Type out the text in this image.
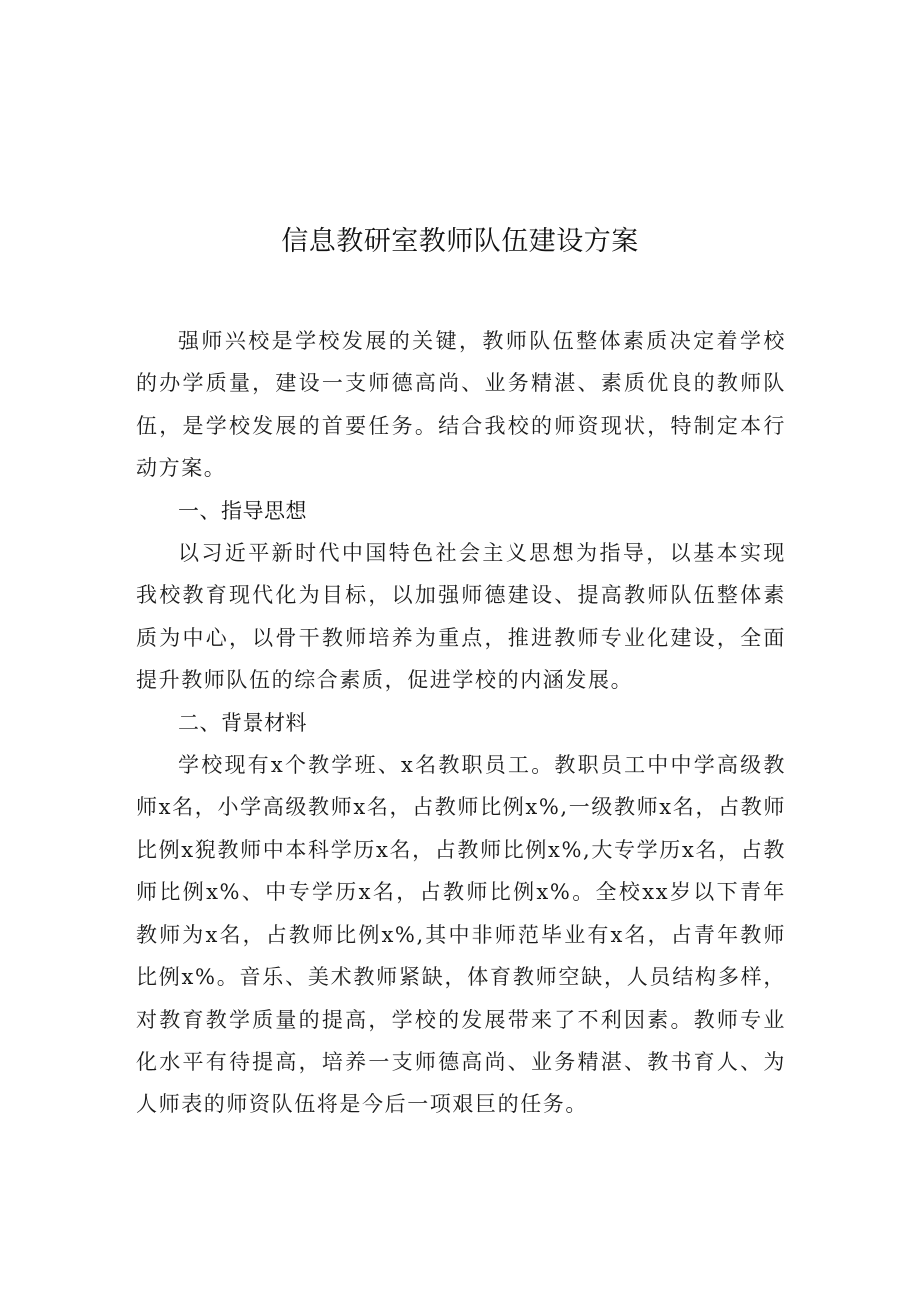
信息教研室教师队伍建设方案

强师兴校是学校发展的关键，教师队伍整体素质决定着学校的办学质量，建设一支师德高尚、业务精湛、素质优良的教师队伍，是学校发展的首要任务。结合我校的师资现状，特制定本行动方案。

一、指导思想

以习近平新时代中国特色社会主义思想为指导，以基本实现我校教育现代化为目标，以加强师德建设、提高教师队伍整体素质为中心，以骨干教师培养为重点，推进教师专业化建设，全面提升教师队伍的综合素质，促进学校的内涵发展。

二、背景材料

学校现有x个教学班、x名教职员工。教职员工中中学高级教师x名，小学高级教师x名，占教师比例x%,一级教师x名，占教师比例x猊教师中本科学历x名，占教师比例x%,大专学历x名，占教师比例x%、中专学历x名，占教师比例x%。全校xx岁以下青年教师为x名，占教师比例x%,其中非师范毕业有x名，占青年教师比例x%。音乐、美术教师紧缺，体育教师空缺，人员结构多样，对教育教学质量的提高，学校的发展带来了不利因素。教师专业化水平有待提高，培养一支师德高尚、业务精湛、教书育人、为人师表的师资队伍将是今后一项艰巨的任务。
